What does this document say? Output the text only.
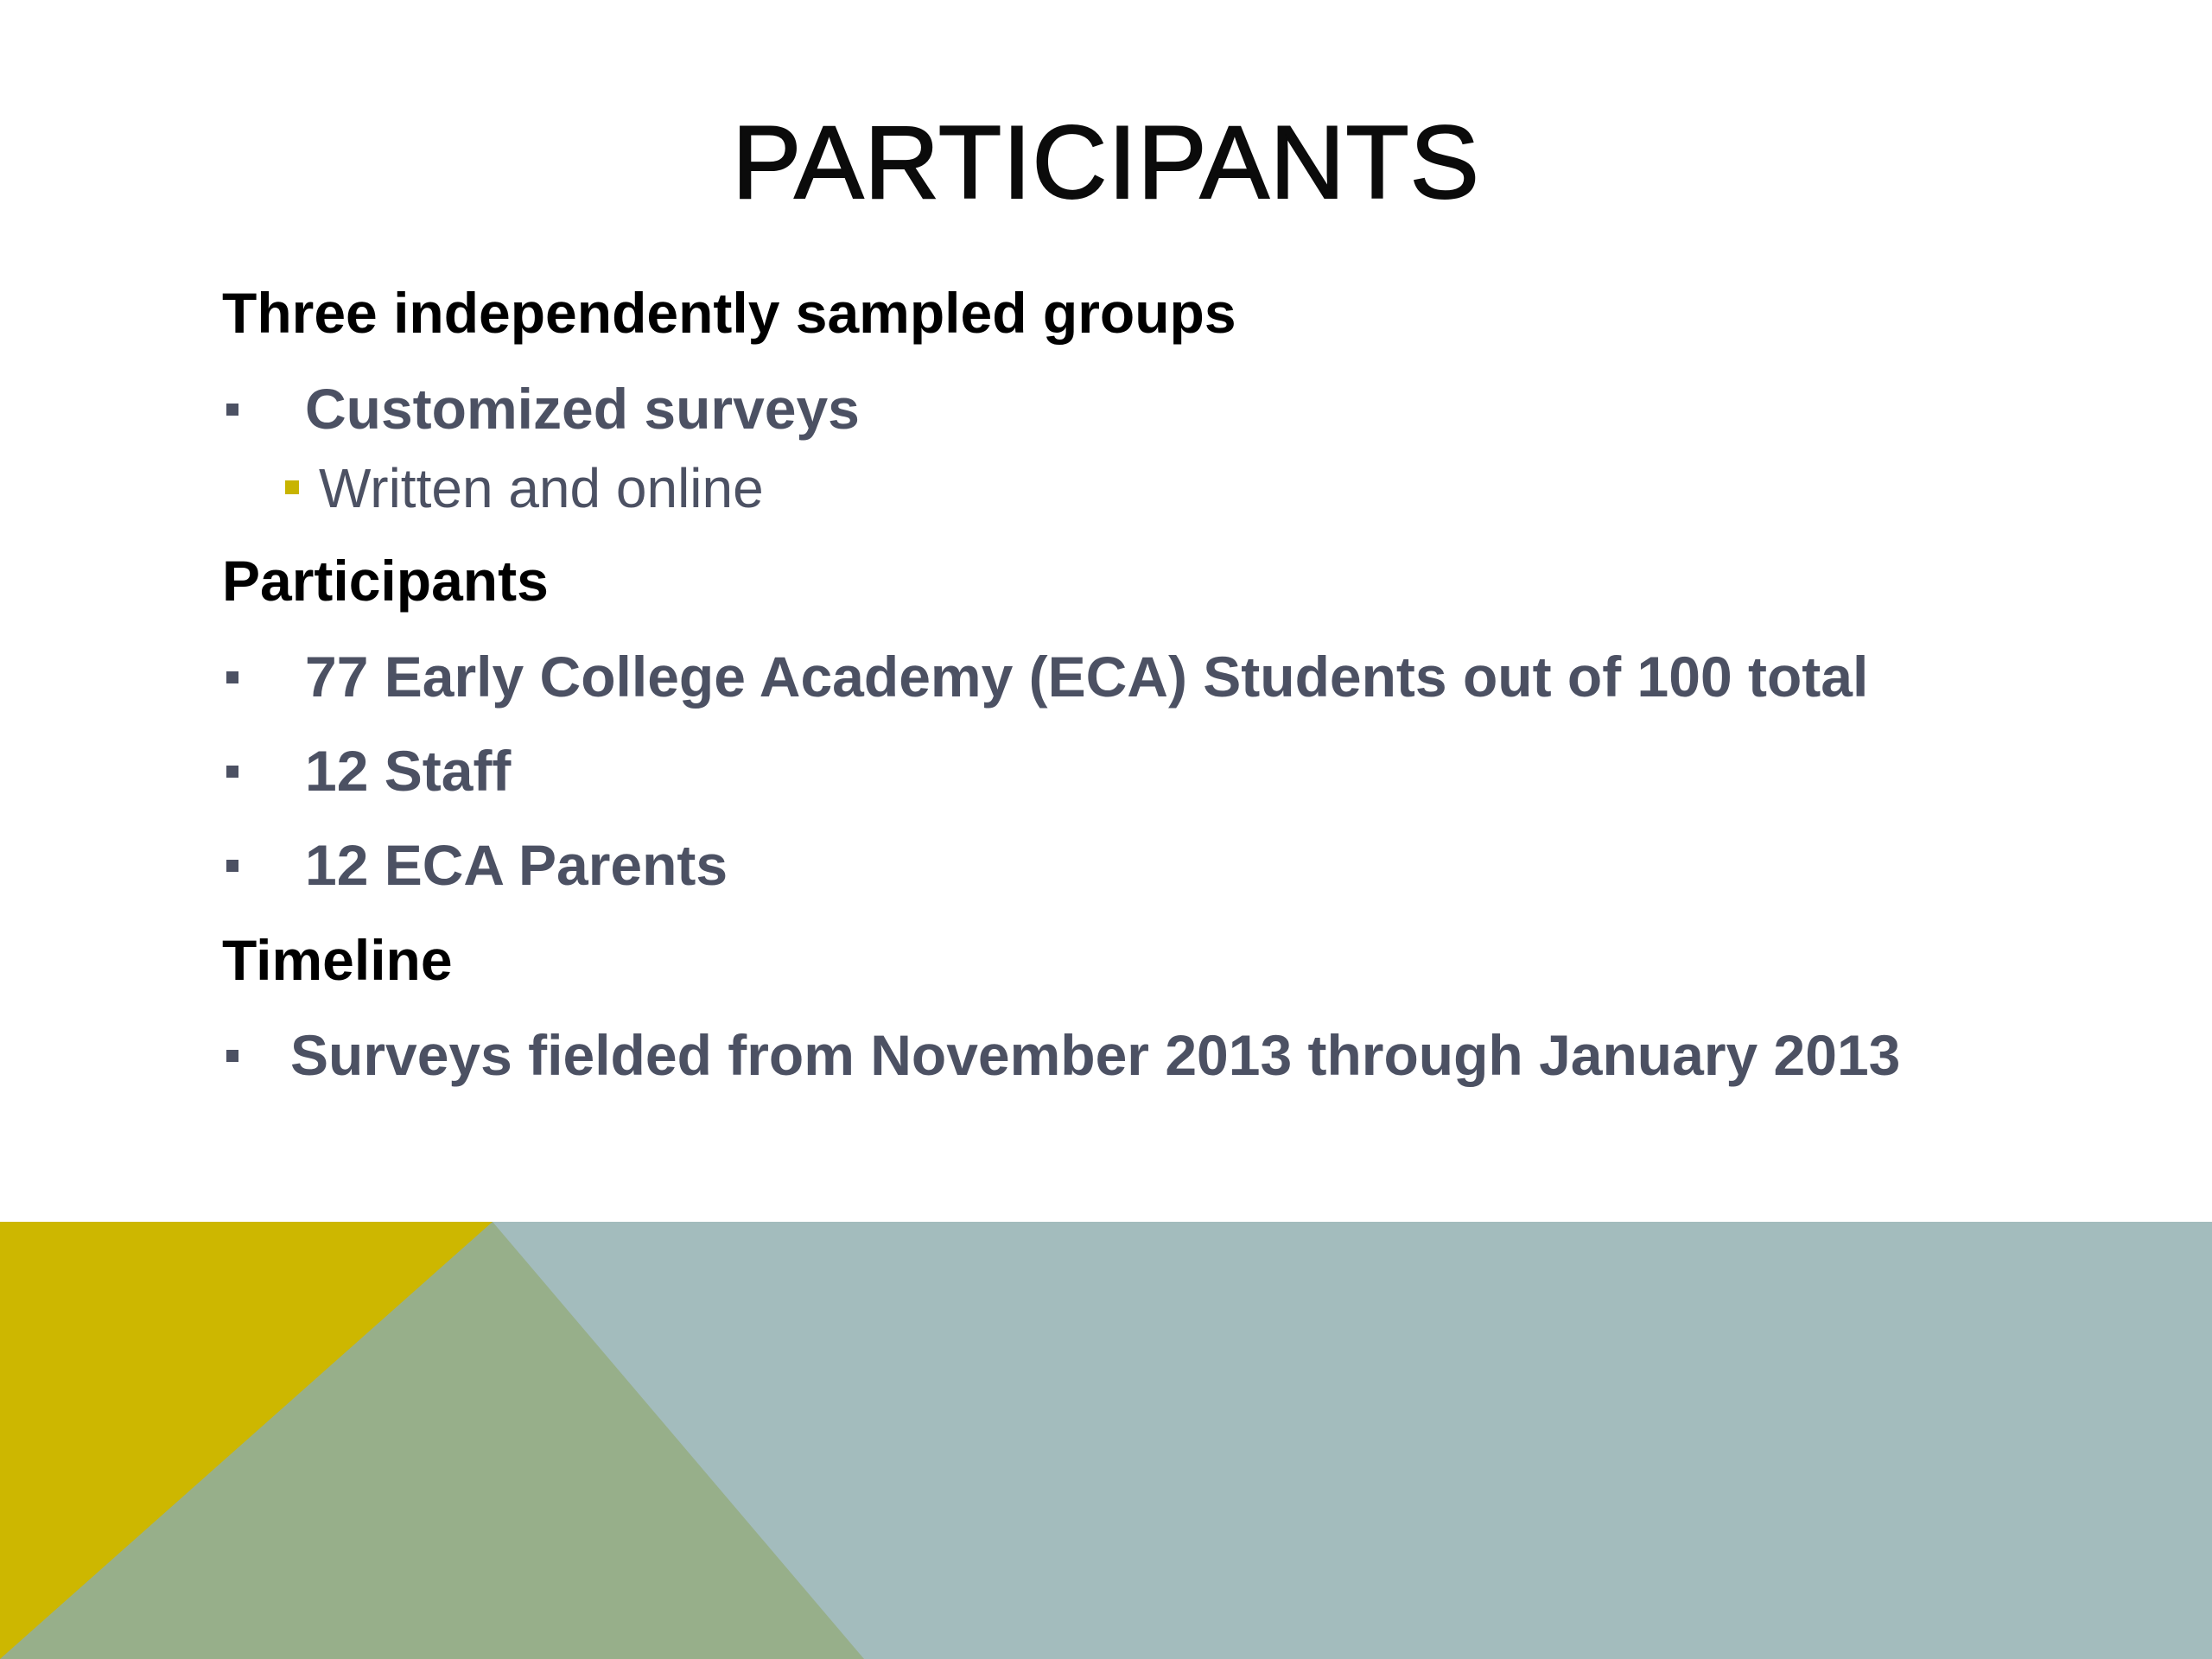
PARTICIPANTS
Three independently sampled groups
Customized surveys
Written and online
Participants
77 Early College Academy (ECA) Students out of 100 total
12 Staff
12 ECA Parents
Timeline
Surveys fielded from November 2013 through January 2013
